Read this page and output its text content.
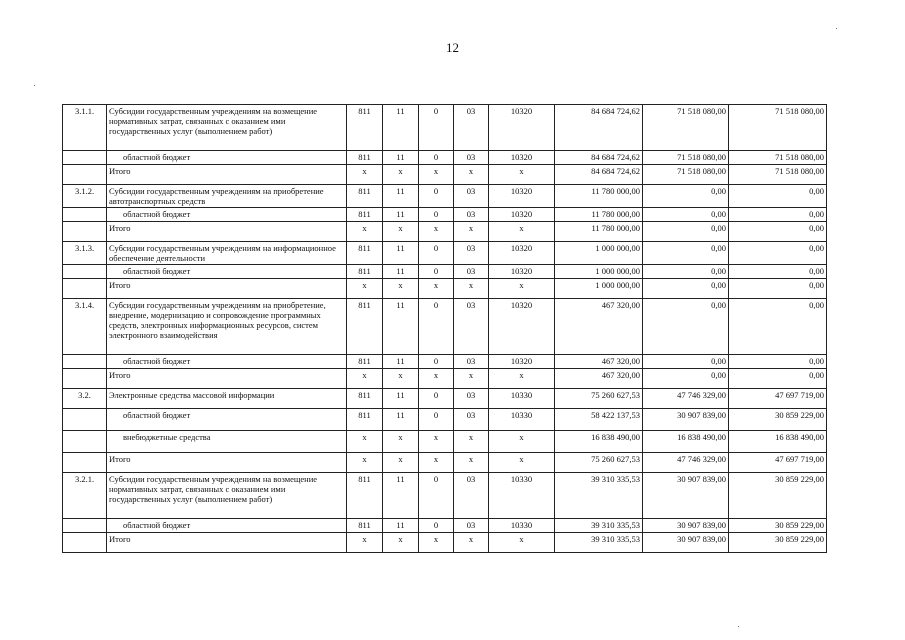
12
3.1.1.	Субсидии государственным учреждениям на возмещение нормативных затрат, связанных с оказанием ими государственных услуг (выполнением работ)	811	11	0	03	10320	84 684 724,62	71 518 080,00	71 518 080,00
	областной бюджет	811	11	0	03	10320	84 684 724,62	71 518 080,00	71 518 080,00
	Итого	x	x	x	x	x	84 684 724,62	71 518 080,00	71 518 080,00
3.1.2.	Субсидии государственным учреждениям на приобретение автотранспортных средств	811	11	0	03	10320	11 780 000,00	0,00	0,00
	областной бюджет	811	11	0	03	10320	11 780 000,00	0,00	0,00
	Итого	x	x	x	x	x	11 780 000,00	0,00	0,00
3.1.3.	Субсидии государственным учреждениям на информационное обеспечение деятельности	811	11	0	03	10320	1 000 000,00	0,00	0,00
	областной бюджет	811	11	0	03	10320	1 000 000,00	0,00	0,00
	Итого	x	x	x	x	x	1 000 000,00	0,00	0,00
3.1.4.	Субсидии государственным учреждениям на приобретение, внедрение, модернизацию и сопровождение программных средств, электронных информационных ресурсов, систем электронного взаимодействия	811	11	0	03	10320	467 320,00	0,00	0,00
	областной бюджет	811	11	0	03	10320	467 320,00	0,00	0,00
	Итого	x	x	x	x	x	467 320,00	0,00	0,00
3.2.	Электронные средства массовой информации	811	11	0	03	10330	75 260 627,53	47 746 329,00	47 697 719,00
	областной бюджет	811	11	0	03	10330	58 422 137,53	30 907 839,00	30 859 229,00
	внебюджетные средства	x	x	x	x	x	16 838 490,00	16 838 490,00	16 838 490,00
	Итого	x	x	x	x	x	75 260 627,53	47 746 329,00	47 697 719,00
3.2.1.	Субсидии государственным учреждениям на возмещение нормативных затрат, связанных с оказанием ими государственных услуг (выполнением работ)	811	11	0	03	10330	39 310 335,53	30 907 839,00	30 859 229,00
	областной бюджет	811	11	0	03	10330	39 310 335,53	30 907 839,00	30 859 229,00
	Итого	x	x	x	x	x	39 310 335,53	30 907 839,00	30 859 229,00
